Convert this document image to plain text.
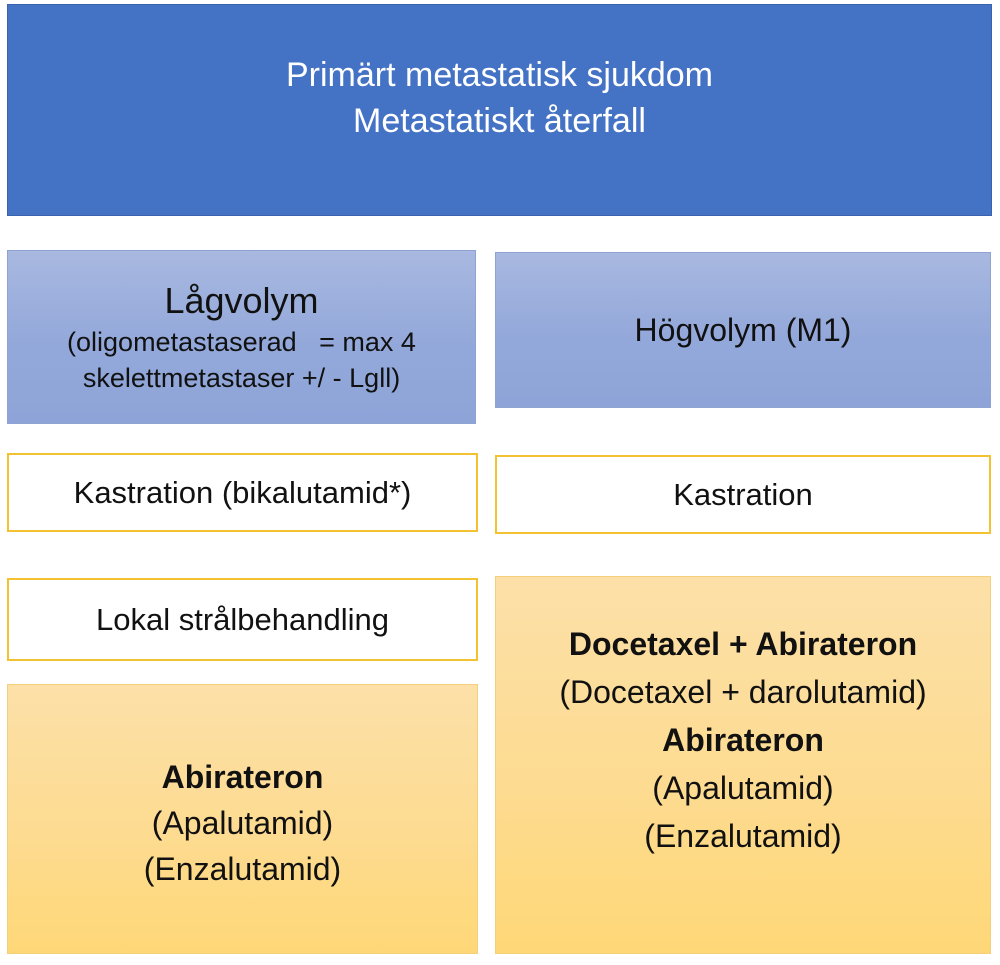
Primärt metastatisk sjukdom
Metastatiskt återfall
Lågvolym
(oligometastaserad   = max 4
skelettmetastaser +/ - Lgll)
Högvolym (M1)
Kastration (bikalutamid*)	Kastration
Lokal strålbehandling
Abirateron
(Apalutamid)
(Enzalutamid)
Docetaxel + Abirateron
(Docetaxel + darolutamid)
Abirateron
(Apalutamid)
(Enzalutamid)
